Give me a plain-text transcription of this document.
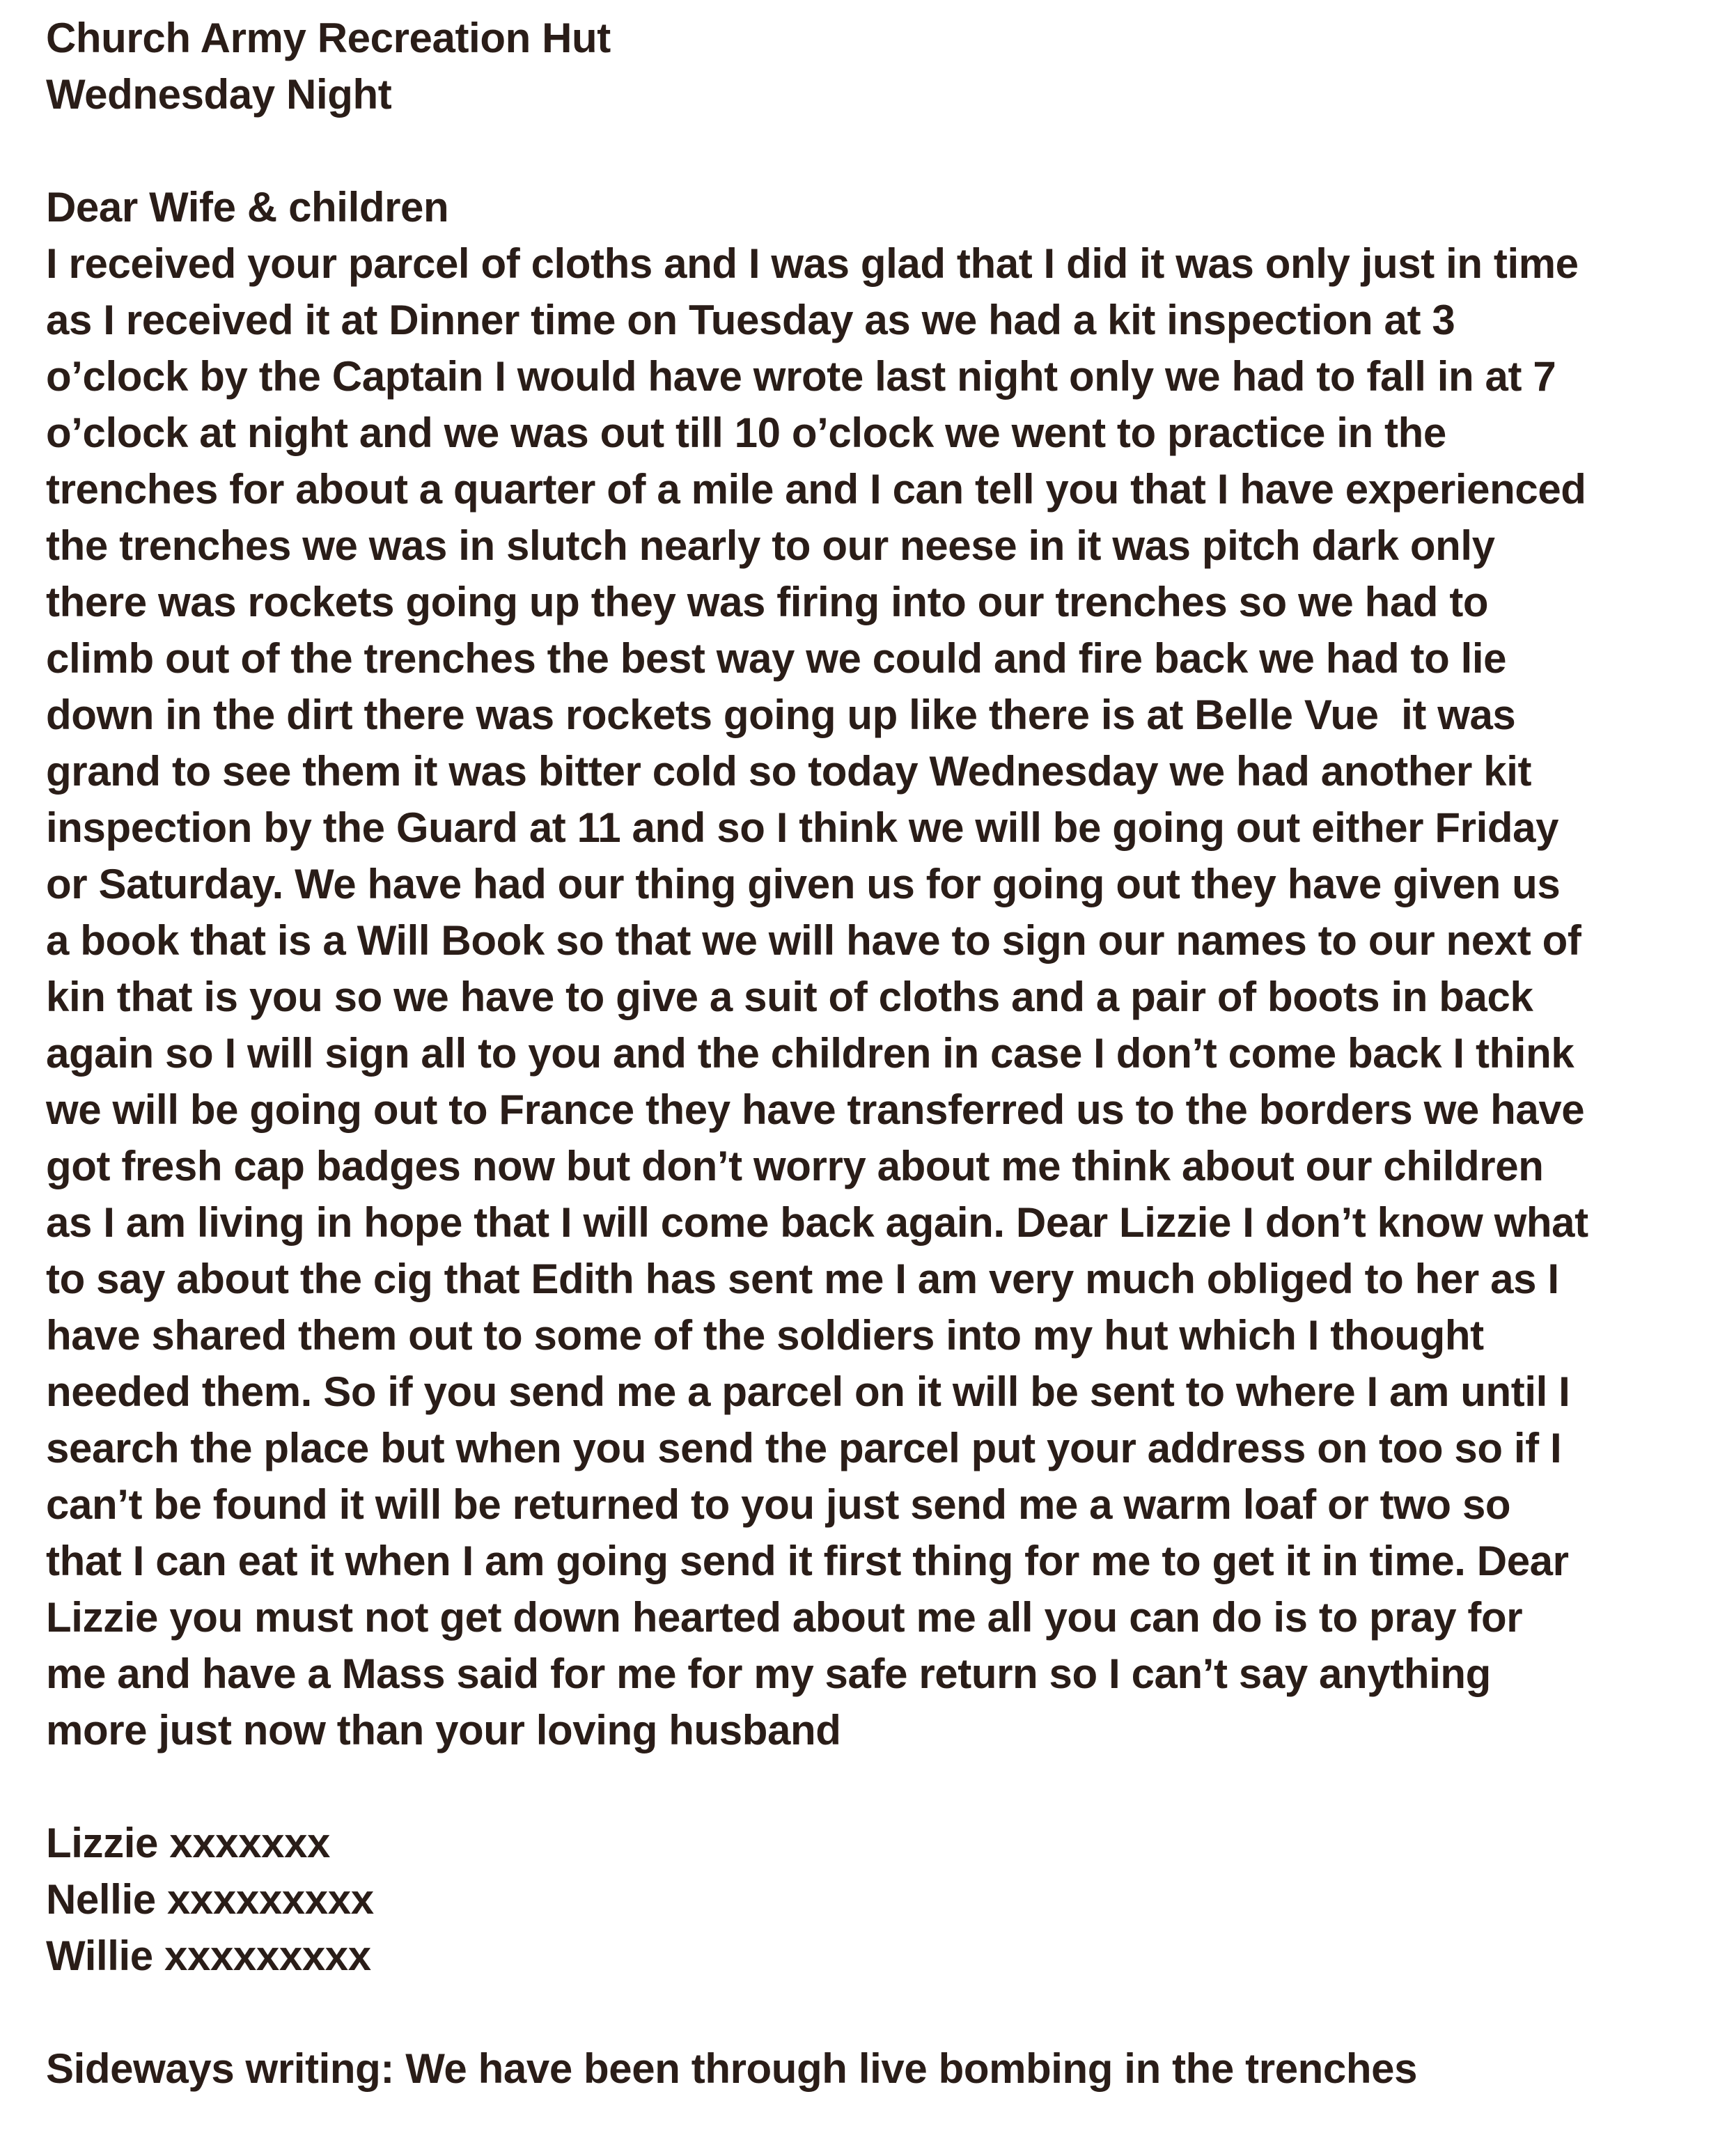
Church Army Recreation Hut
Wednesday Night
Dear Wife & children
I received your parcel of cloths and I was glad that I did it was only just in time
as I received it at Dinner time on Tuesday as we had a kit inspection at 3
o’clock by the Captain I would have wrote last night only we had to fall in at 7
o’clock at night and we was out till 10 o’clock we went to practice in the
trenches for about a quarter of a mile and I can tell you that I have experienced
the trenches we was in slutch nearly to our neese in it was pitch dark only
there was rockets going up they was firing into our trenches so we had to
climb out of the trenches the best way we could and fire back we had to lie
down in the dirt there was rockets going up like there is at Belle Vue  it was
grand to see them it was bitter cold so today Wednesday we had another kit
inspection by the Guard at 11 and so I think we will be going out either Friday
or Saturday. We have had our thing given us for going out they have given us
a book that is a Will Book so that we will have to sign our names to our next of
kin that is you so we have to give a suit of cloths and a pair of boots in back
again so I will sign all to you and the children in case I don’t come back I think
we will be going out to France they have transferred us to the borders we have
got fresh cap badges now but don’t worry about me think about our children
as I am living in hope that I will come back again. Dear Lizzie I don’t know what
to say about the cig that Edith has sent me I am very much obliged to her as I
have shared them out to some of the soldiers into my hut which I thought
needed them. So if you send me a parcel on it will be sent to where I am until I
search the place but when you send the parcel put your address on too so if I
can’t be found it will be returned to you just send me a warm loaf or two so
that I can eat it when I am going send it first thing for me to get it in time. Dear
Lizzie you must not get down hearted about me all you can do is to pray for
me and have a Mass said for me for my safe return so I can’t say anything
more just now than your loving husband
Lizzie xxxxxxx
Nellie xxxxxxxxx
Willie xxxxxxxxx
Sideways writing: We have been through live bombing in the trenches
